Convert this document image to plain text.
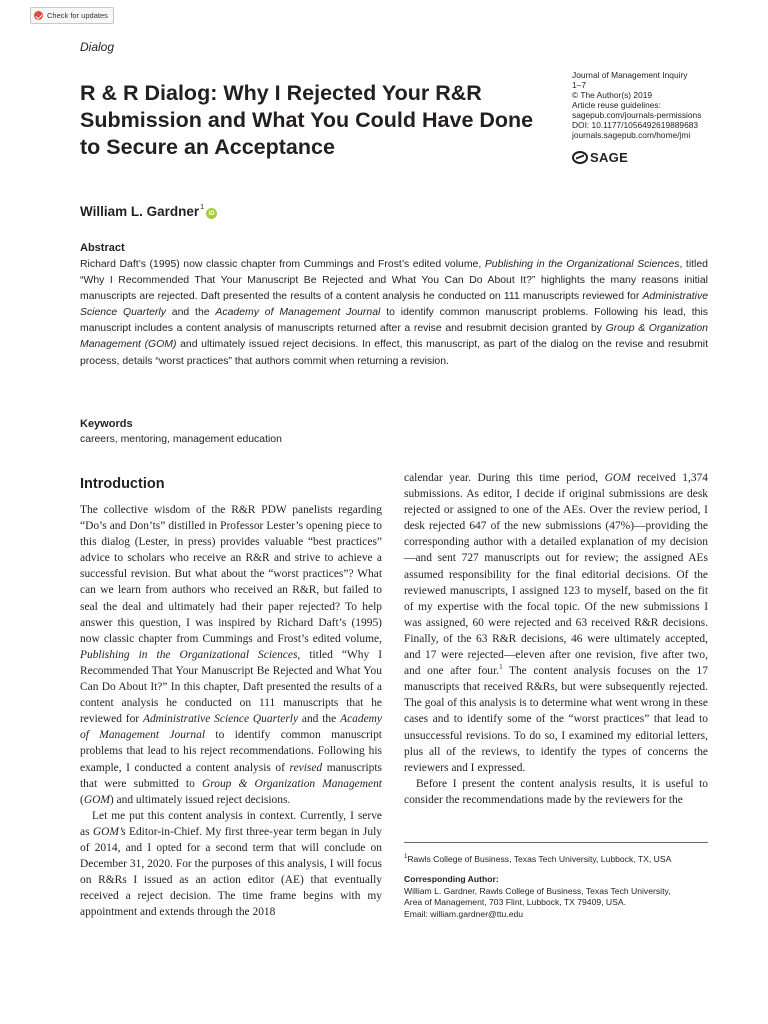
Check for updates
Dialog
Journal of Management Inquiry
1–7
© The Author(s) 2019
Article reuse guidelines:
sagepub.com/journals-permissions
DOI: 10.1177/1056492619889683
journals.sagepub.com/home/jmi
SAGE
R & R Dialog: Why I Rejected Your R&R Submission and What You Could Have Done to Secure an Acceptance
William L. Gardner$^1$
iD
Abstract

Richard Daft’s (1995) now classic chapter from Cummings and Frost’s edited volume, Publishing in the Organizational Sciences, titled “Why I Recommended That Your Manuscript Be Rejected and What You Can Do About It?” highlights the many reasons initial manuscripts are rejected. Daft presented the results of a content analysis he conducted on 111 manuscripts reviewed for Administrative Science Quarterly and the Academy of Management Journal to identify common manuscript problems. Following his lead, this manuscript includes a content analysis of manuscripts returned after a revise and resubmit decision granted by Group & Organization Management (GOM) and ultimately issued reject decisions. In effect, this manuscript, as part of the dialog on the revise and resubmit process, details “worst practices” that authors commit when returning a revision.

Keywords
careers, mentoring, management education
Introduction

The collective wisdom of the R&R PDW panelists regarding “Do’s and Don’ts” distilled in Professor Lester’s opening piece to this dialog (Lester, in press) provides valuable “best practices” advice to scholars who receive an R&R and strive to achieve a successful revision. But what about the “worst practices”? What can we learn from authors who received an R&R, but failed to seal the deal and ultimately had their paper rejected? To help answer this question, I was inspired by Richard Daft’s (1995) now classic chapter from Cummings and Frost’s edited volume, Publishing in the Organizational Sciences, titled “Why I Recommended That Your Manuscript Be Rejected and What You Can Do About It?” In this chapter, Daft presented the results of a content analysis he conducted on 111 manuscripts that he reviewed for Administrative Science Quarterly and the Academy of Management Journal to identify common manuscript problems that lead to his reject recommendations. Following his example, I conducted a content analysis of revised manuscripts that were submitted to Group & Organization Management (GOM) and ultimately issued reject decisions.

Let me put this content analysis in context. Currently, I serve as GOM’s Editor-in-Chief. My first three-year term began in July of 2014, and I opted for a second term that will conclude on December 31, 2020. For the purposes of this analysis, I will focus on R&Rs I issued as an action editor (AE) that eventually received a reject decision. The time frame begins with my appointment and extends through the 2018

calendar year. During this time period, GOM received 1,374 submissions. As editor, I decide if original submissions are desk rejected or assigned to one of the AEs. Over the review period, I desk rejected 647 of the new submissions (47%)—providing the corresponding author with a detailed explanation of my decision—and sent 727 manuscripts out for review; the assigned AEs assumed responsibility for the final editorial decisions. Of the reviewed manuscripts, I assigned 123 to myself, based on the fit of my expertise with the focal topic. Of the new submissions I was assigned, 60 were rejected and 63 received R&R decisions. Finally, of the 63 R&R decisions, 46 were ultimately accepted, and 17 were rejected—eleven after one revision, five after two, and one after four.$^1$ The content analysis focuses on the 17 manuscripts that received R&Rs, but were subsequently rejected. The goal of this analysis is to determine what went wrong in these cases and to identify some of the “worst practices” that lead to unsuccessful revisions. To do so, I examined my editorial letters, plus all of the reviews, to identify the types of concerns the reviewers and I expressed.

Before I present the content analysis results, it is useful to consider the recommendations made by the reviewers for the

$^1$Rawls College of Business, Texas Tech University, Lubbock, TX, USA
Corresponding Author:
William L. Gardner, Rawls College of Business, Texas Tech University,
Area of Management, 703 Flint, Lubbock, TX 79409, USA.
Email: william.gardner@ttu.edu
